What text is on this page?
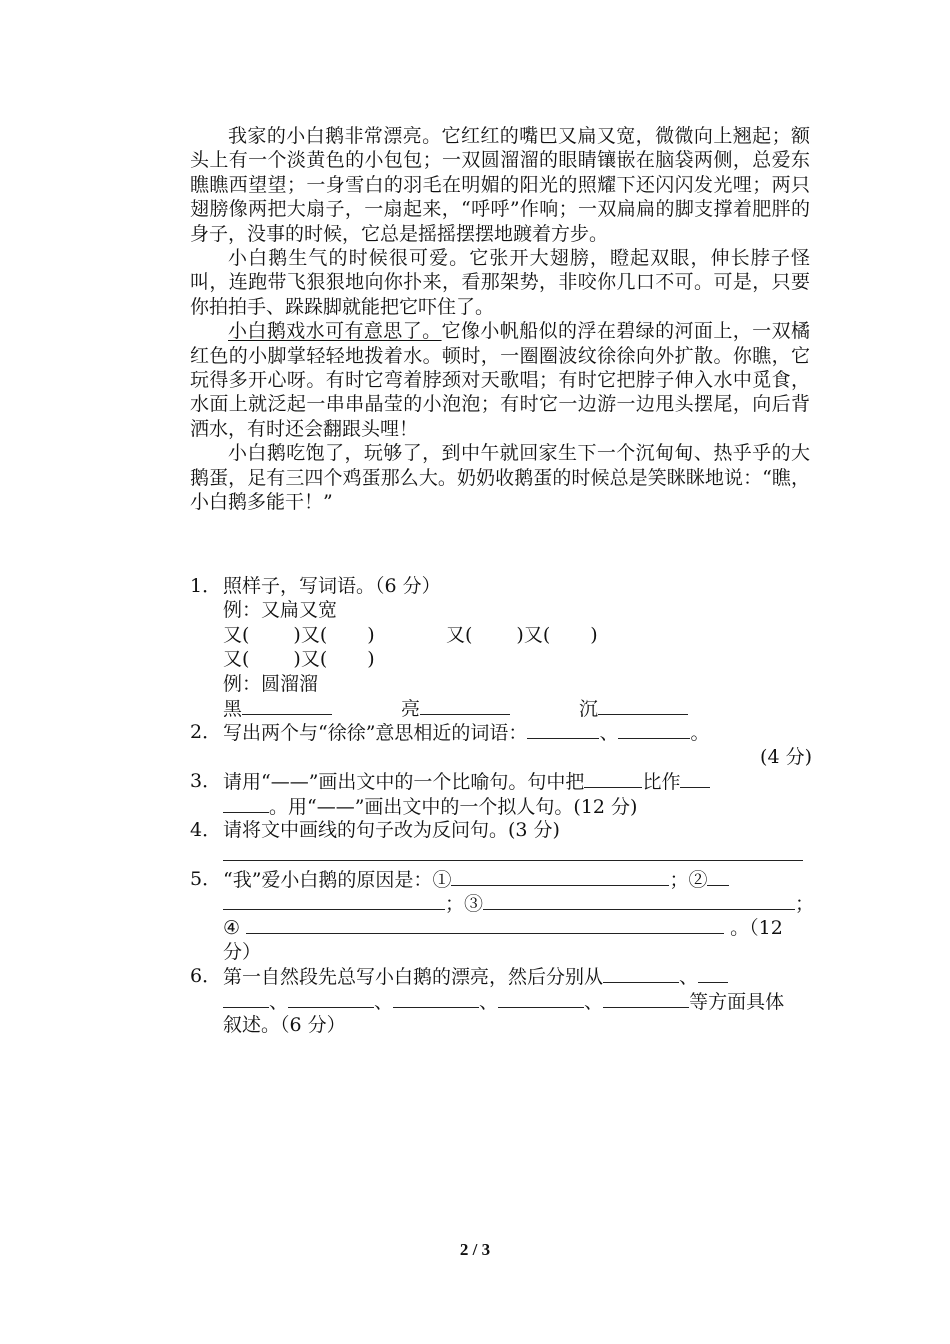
我家的小白鹅非常漂亮。它红红的嘴巴又扁又宽，微微向上翘起；额头上有一个淡黄色的小包包；一双圆溜溜的眼睛镶嵌在脑袋两侧，总爱东瞧瞧西望望；一身雪白的羽毛在明媚的阳光的照耀下还闪闪发光哩；两只翅膀像两把大扇子，一扇起来，“呼呼”作响；一双扁扁的脚支撑着肥胖的身子，没事的时候，它总是摇摇摆摆地踱着方步。

小白鹅生气的时候很可爱。它张开大翅膀，瞪起双眼，伸长脖子怪叫，连跑带飞狠狠地向你扑来，看那架势，非咬你几口不可。可是，只要你拍拍手、跺跺脚就能把它吓住了。

小白鹅戏水可有意思了。它像小帆船似的浮在碧绿的河面上，一双橘红色的小脚掌轻轻地拨着水。顿时，一圈圈波纹徐徐向外扩散。你瞧，它玩得多开心呀。有时它弯着脖颈对天歌唱；有时它把脖子伸入水中觅食，水面上就泛起一串串晶莹的小泡泡；有时它一边游一边甩头摆尾，向后背洒水，有时还会翻跟头哩！

小白鹅吃饱了，玩够了，到中午就回家生下一个沉甸甸、热乎乎的大鹅蛋，足有三四个鸡蛋那么大。奶奶收鹅蛋的时候总是笑眯眯地说：“瞧，小白鹅多能干！”

1． 照样子，写词语。（6 分）
例：又扁又宽
又( )又( )	又( )又( )
又( )又( )
例：圆溜溜
黑	亮	沉
2． 写出两个与“徐徐”意思相近的词语：	、	。
(4 分)
3． 请用“——”画出文中的一个比喻句。句中把	比作
。用“——”画出文中的一个拟人句。(12 分)
4． 请将文中画线的句子改为反问句。(3 分)
5． “我”爱小白鹅的原因是：①	；②
；③	；
④	。（12
分）
6． 第一自然段先总写小白鹅的漂亮，然后分别从	、
、	、	、	、	等方面具体
叙述。（6 分）
2 / 3
